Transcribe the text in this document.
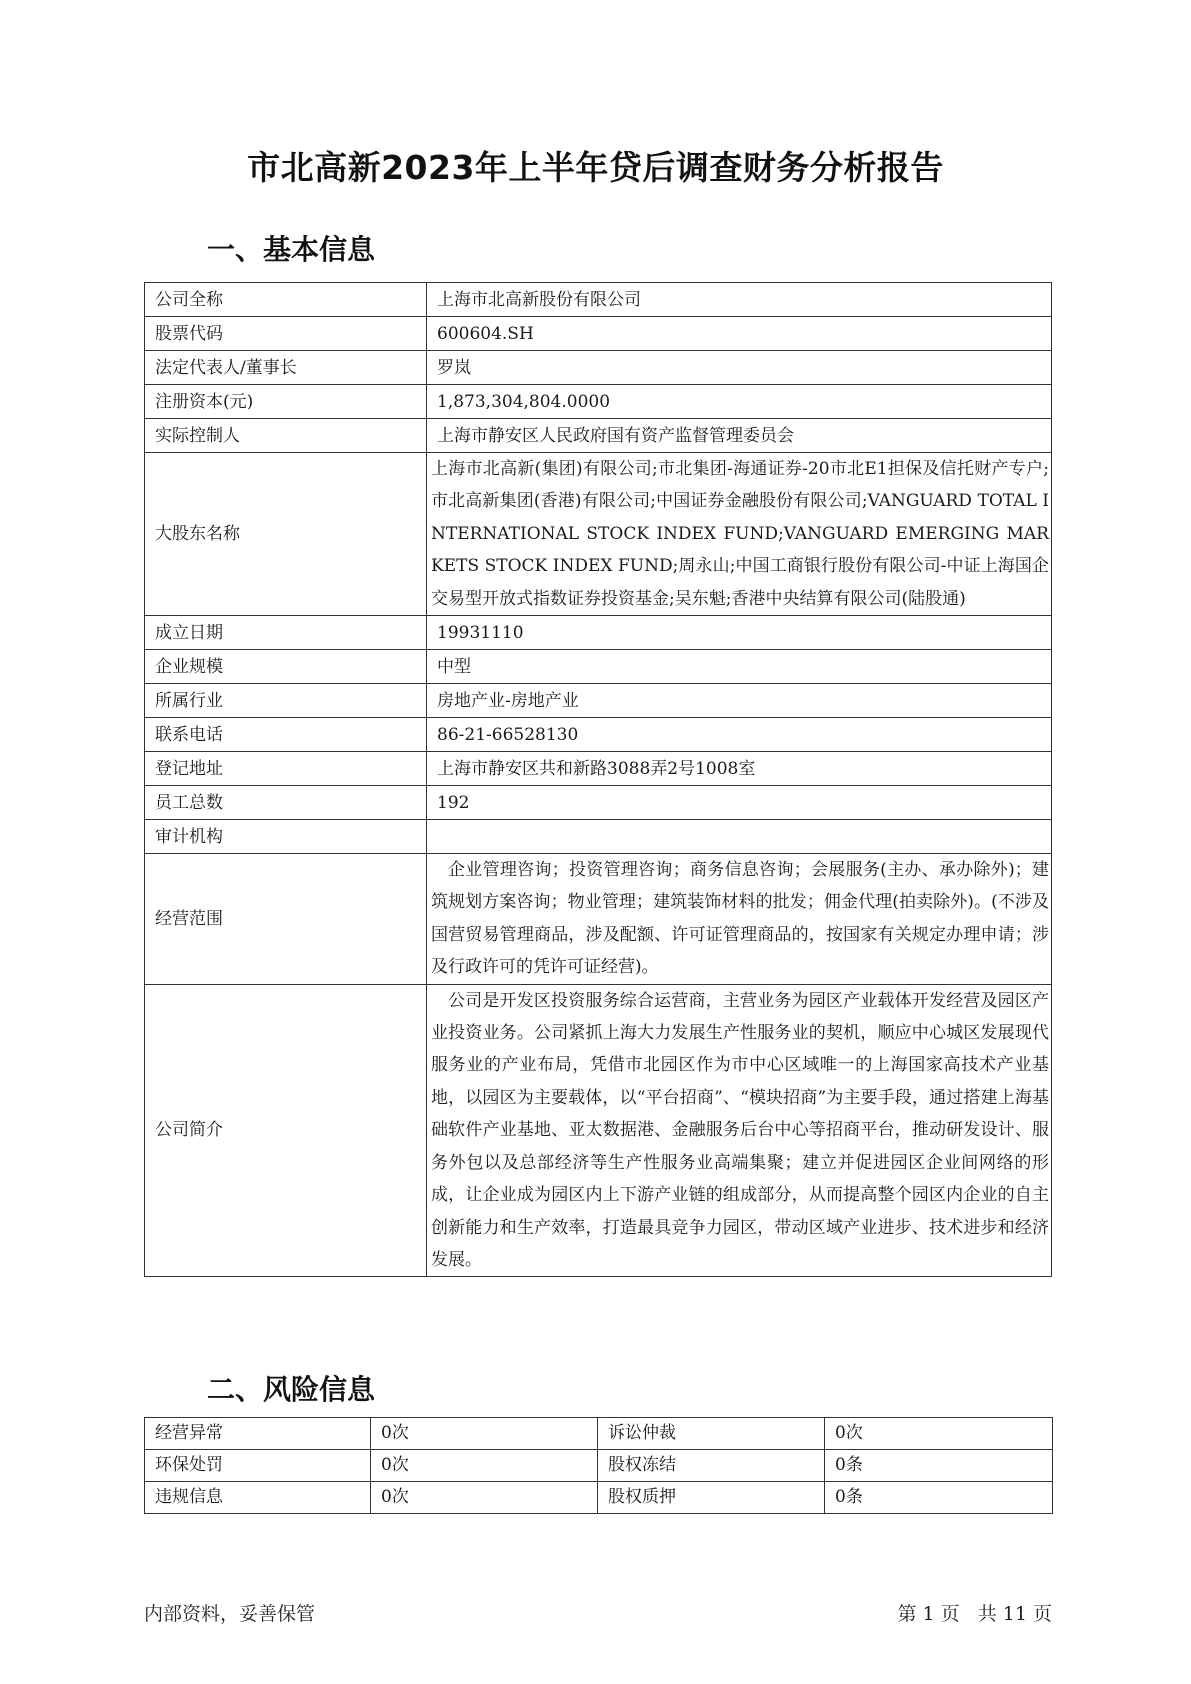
市北高新2023年上半年贷后调查财务分析报告
一、基本信息
公司全称	上海市北高新股份有限公司
股票代码	600604.SH
法定代表人/董事长	罗岚
注册资本(元)	1,873,304,804.0000
实际控制人	上海市静安区人民政府国有资产监督管理委员会
大股东名称	上海市北高新(集团)有限公司;市北集团-海通证券-20市北E1担保及信托财产专户;市北高新集团(香港)有限公司;中国证券金融股份有限公司;VANGUARD TOTAL INTERNATIONAL STOCK INDEX FUND;VANGUARD EMERGING MARKETS STOCK INDEX FUND;周永山;中国工商银行股份有限公司-中证上海国企交易型开放式指数证券投资基金;吴东魁;香港中央结算有限公司(陆股通)
成立日期	19931110
企业规模	中型
所属行业	房地产业-房地产业
联系电话	86-21-66528130
登记地址	上海市静安区共和新路3088弄2号1008室
员工总数	192
审计机构	
经营范围	企业管理咨询；投资管理咨询；商务信息咨询；会展服务(主办、承办除外)；建筑规划方案咨询；物业管理；建筑装饰材料的批发；佣金代理(拍卖除外)。(不涉及国营贸易管理商品，涉及配额、许可证管理商品的，按国家有关规定办理申请；涉及行政许可的凭许可证经营)。
公司简介	公司是开发区投资服务综合运营商，主营业务为园区产业载体开发经营及园区产业投资业务。公司紧抓上海大力发展生产性服务业的契机，顺应中心城区发展现代服务业的产业布局，凭借市北园区作为市中心区域唯一的上海国家高技术产业基地，以园区为主要载体，以“平台招商”、“模块招商”为主要手段，通过搭建上海基础软件产业基地、亚太数据港、金融服务后台中心等招商平台，推动研发设计、服务外包以及总部经济等生产性服务业高端集聚；建立并促进园区企业间网络的形成，让企业成为园区内上下游产业链的组成部分，从而提高整个园区内企业的自主创新能力和生产效率，打造最具竞争力园区，带动区域产业进步、技术进步和经济发展。
二、风险信息
经营异常	0次	诉讼仲裁	0次
环保处罚	0次	股权冻结	0条
违规信息	0次	股权质押	0条
内部资料，妥善保管	第 1 页   共 11 页
